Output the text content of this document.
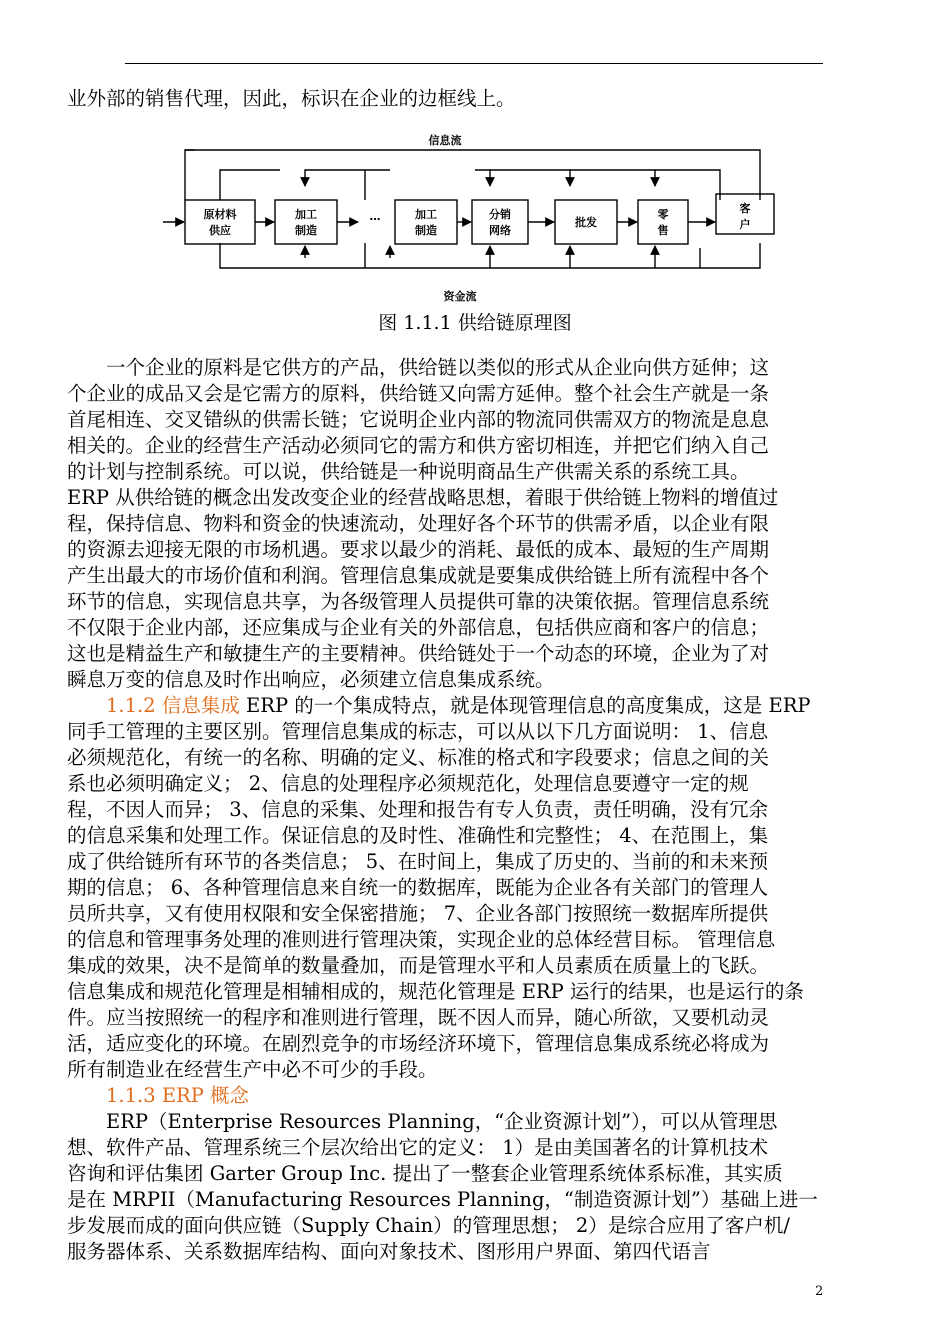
业外部的销售代理，因此，标识在企业的边框线上。
信息流
资金流
原材料
供应
加工
制造
…	加工
制造
分销
网络
批发
零
售
客
户
图 1.1.1 供给链原理图
　　一个企业的原料是它供方的产品，供给链以类似的形式从企业向供方延伸；这
个企业的成品又会是它需方的原料，供给链又向需方延伸。整个社会生产就是一条
首尾相连、交叉错纵的供需长链；它说明企业内部的物流同供需双方的物流是息息
相关的。企业的经营生产活动必须同它的需方和供方密切相连，并把它们纳入自己
的计划与控制系统。可以说，供给链是一种说明商品生产供需关系的系统工具。
ERP 从供给链的概念出发改变企业的经营战略思想，着眼于供给链上物料的增值过
程，保持信息、物料和资金的快速流动，处理好各个环节的供需矛盾，以企业有限
的资源去迎接无限的市场机遇。要求以最少的消耗、最低的成本、最短的生产周期
产生出最大的市场价值和利润。管理信息集成就是要集成供给链上所有流程中各个
环节的信息，实现信息共享，为各级管理人员提供可靠的决策依据。管理信息系统
不仅限于企业内部，还应集成与企业有关的外部信息，包括供应商和客户的信息；
这也是精益生产和敏捷生产的主要精神。供给链处于一个动态的环境，企业为了对
瞬息万变的信息及时作出响应，必须建立信息集成系统。
　　1.1.2 信息集成 ERP 的一个集成特点，就是体现管理信息的高度集成，这是 ERP
同手工管理的主要区别。管理信息集成的标志，可以从以下几方面说明： 1、信息
必须规范化，有统一的名称、明确的定义、标准的格式和字段要求；信息之间的关
系也必须明确定义； 2、信息的处理程序必须规范化，处理信息要遵守一定的规
程，不因人而异； 3、信息的采集、处理和报告有专人负责，责任明确，没有冗余
的信息采集和处理工作。保证信息的及时性、准确性和完整性； 4、在范围上，集
成了供给链所有环节的各类信息； 5、在时间上，集成了历史的、当前的和未来预
期的信息； 6、各种管理信息来自统一的数据库，既能为企业各有关部门的管理人
员所共享，又有使用权限和安全保密措施； 7、企业各部门按照统一数据库所提供
的信息和管理事务处理的准则进行管理决策，实现企业的总体经营目标。 管理信息
集成的效果，决不是简单的数量叠加，而是管理水平和人员素质在质量上的飞跃。
信息集成和规范化管理是相辅相成的，规范化管理是 ERP 运行的结果，也是运行的条
件。应当按照统一的程序和准则进行管理，既不因人而异，随心所欲，又要机动灵
活，适应变化的环境。在剧烈竞争的市场经济环境下，管理信息集成系统必将成为
所有制造业在经营生产中必不可少的手段。
　　1.1.3 ERP 概念
　　ERP（Enterprise Resources Planning，“企业资源计划”），可以从管理思
想、软件产品、管理系统三个层次给出它的定义： 1）是由美国著名的计算机技术
咨询和评估集团 Garter Group Inc. 提出了一整套企业管理系统体系标准，其实质
是在 MRPII（Manufacturing Resources Planning，“制造资源计划”）基础上进一
步发展而成的面向供应链（Supply Chain）的管理思想； 2）是综合应用了客户机/
服务器体系、关系数据库结构、面向对象技术、图形用户界面、第四代语言
2
